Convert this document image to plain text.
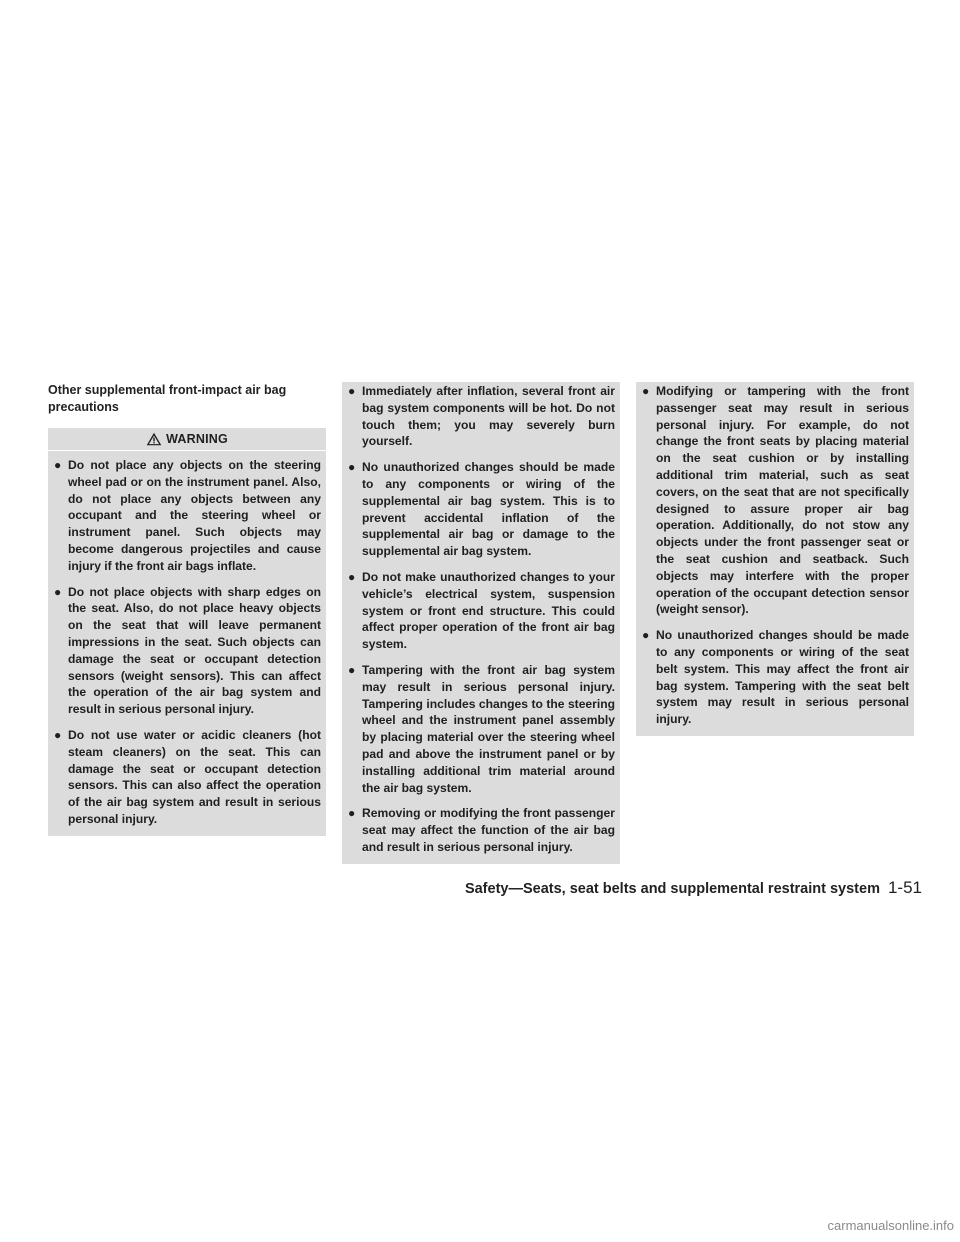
Other supplemental front-impact air bag precautions
WARNING
● Do not place any objects on the steering wheel pad or on the instrument panel. Also, do not place any objects between any occupant and the steering wheel or instrument panel. Such objects may become dangerous projectiles and cause injury if the front air bags inflate.
● Do not place objects with sharp edges on the seat. Also, do not place heavy objects on the seat that will leave permanent impressions in the seat. Such objects can damage the seat or occupant detection sensors (weight sensors). This can affect the operation of the air bag system and result in serious personal injury.
● Do not use water or acidic cleaners (hot steam cleaners) on the seat. This can damage the seat or occupant detection sensors. This can also affect the operation of the air bag system and result in serious personal injury.
● Immediately after inflation, several front air bag system components will be hot. Do not touch them; you may severely burn yourself.
● No unauthorized changes should be made to any components or wiring of the supplemental air bag system. This is to prevent accidental inflation of the supplemental air bag or damage to the supplemental air bag system.
● Do not make unauthorized changes to your vehicle’s electrical system, suspension system or front end structure. This could affect proper operation of the front air bag system.
● Tampering with the front air bag system may result in serious personal injury. Tampering includes changes to the steering wheel and the instrument panel assembly by placing material over the steering wheel pad and above the instrument panel or by installing additional trim material around the air bag system.
● Removing or modifying the front passenger seat may affect the function of the air bag and result in serious personal injury.
● Modifying or tampering with the front passenger seat may result in serious personal injury. For example, do not change the front seats by placing material on the seat cushion or by installing additional trim material, such as seat covers, on the seat that are not specifically designed to assure proper air bag operation. Additionally, do not stow any objects under the front passenger seat or the seat cushion and seatback. Such objects may interfere with the proper operation of the occupant detection sensor (weight sensor).
● No unauthorized changes should be made to any components or wiring of the seat belt system. This may affect the front air bag system. Tampering with the seat belt system may result in serious personal injury.
Safety—Seats, seat belts and supplemental restraint system 1-51
carmanualsonline.info
